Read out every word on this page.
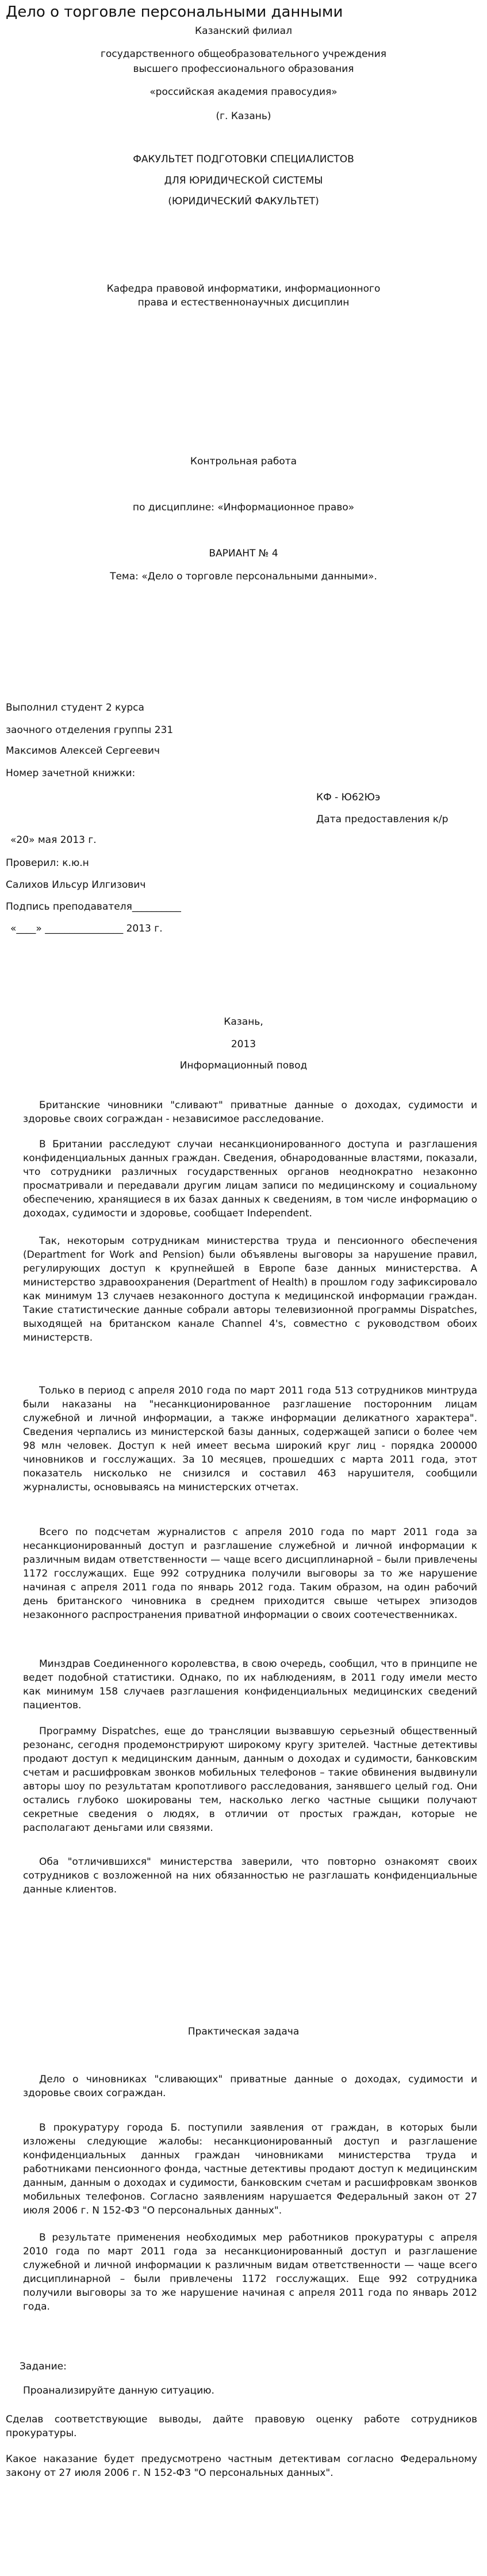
Дело о торговле персональными данными
Казанский филиал
государственного общеобразовательного учреждения
высшего профессионального образования
«российская академия правосудия»
(г. Казань)
ФАКУЛЬТЕТ ПОДГОТОВКИ СПЕЦИАЛИСТОВ
ДЛЯ ЮРИДИЧЕСКОЙ СИСТЕМЫ
(ЮРИДИЧЕСКИЙ ФАКУЛЬТЕТ)
Кафедра правовой информатики, информационного
права и естественнонаучных дисциплин
Контрольная работа
по дисциплине: «Информационное право»
ВАРИАНТ № 4
Тема: «Дело о торговле персональными данными».
Выполнил студент 2 курса
заочного отделения группы 231
Максимов Алексей Сергеевич
Номер зачетной книжки:
КФ - Ю62Юэ
Дата предоставления к/р
«20» мая 2013 г.
Проверил: к.ю.н
Салихов Ильсур Илгизович
Подпись преподавателя__________
«____» ________________ 2013 г.
Казань,
2013
Информационный повод

Британские чиновники "сливают" приватные данные о доходах, судимости и здоровье своих сограждан - независимое расследование.

В Британии расследуют случаи несанкционированного доступа и разглашения конфиденциальных данных граждан. Сведения, обнародованные властями, показали, что сотрудники различных государственных органов неоднократно незаконно просматривали и передавали другим лицам записи по медицинскому и социальному обеспечению, хранящиеся в их базах данных к сведениям, в том числе информацию о доходах, судимости и здоровье, сообщает Independent.

Так, некоторым сотрудникам министерства труда и пенсионного обеспечения (Department for Work and Pension) были объявлены выговоры за нарушение правил, регулирующих доступ к крупнейшей в Европе базе данных министерства. А министерство здравоохранения (Department of Health) в прошлом году зафиксировало как минимум 13 случаев незаконного доступа к медицинской информации граждан. Такие статистические данные собрали авторы телевизионной программы Dispatches, выходящей на британском канале Channel 4's, совместно с руководством обоих министерств.

Только в период с апреля 2010 года по март 2011 года 513 сотрудников минтруда были наказаны на "несанкционированное разглашение посторонним лицам служебной и личной информации, а также информации деликатного характера". Сведения черпались из министерской базы данных, содержащей записи о более чем 98 млн человек. Доступ к ней имеет весьма широкий круг лиц - порядка 200000 чиновников и госслужащих. За 10 месяцев, прошедших с марта 2011 года, этот показатель нисколько не снизился и составил 463 нарушителя, сообщили журналисты, основываясь на министерских отчетах.

Всего по подсчетам журналистов с апреля 2010 года по март 2011 года за несанкционированный доступ и разглашение служебной и личной информации к различным видам ответственности — чаще всего дисциплинарной – были привлечены 1172 госслужащих. Еще 992 сотрудника получили выговоры за то же нарушение начиная с апреля 2011 года по январь 2012 года. Таким образом, на один рабочий день британского чиновника в среднем приходится свыше четырех эпизодов незаконного распространения приватной информации о своих соотечественниках.

Минздрав Соединенного королевства, в свою очередь, сообщил, что в принципе не ведет подобной статистики. Однако, по их наблюдениям, в 2011 году имели место как минимум 158 случаев разглашения конфиденциальных медицинских сведений пациентов.

Программу Dispatches, еще до трансляции вызвавшую серьезный общественный резонанс, сегодня продемонстрируют широкому кругу зрителей. Частные детективы продают доступ к медицинским данным, данным о доходах и судимости, банковским счетам и расшифровкам звонков мобильных телефонов – такие обвинения выдвинули авторы шоу по результатам кропотливого расследования, занявшего целый год. Они остались глубоко шокированы тем, насколько легко частные сыщики получают секретные сведения о людях, в отличии от простых граждан, которые не располагают деньгами или связями.

Оба "отличившихся" министерства заверили, что повторно ознакомят своих сотрудников с возложенной на них обязанностью не разглашать конфиденциальные данные клиентов.

Практическая задача

Дело о чиновниках "сливающих" приватные данные о доходах, судимости и здоровье своих сограждан.

В прокуратуру города Б. поступили заявления от граждан, в которых были изложены следующие жалобы: несанкционированный доступ и разглашение конфиденциальных данных граждан чиновниками министерства труда и работниками пенсионного фонда, частные детективы продают доступ к медицинским данным, данным о доходах и судимости, банковским счетам и расшифровкам звонков мобильных телефонов. Согласно заявлениям нарушается Федеральный закон от 27 июля 2006 г. N 152-ФЗ "О персональных данных".

В результате применения необходимых мер работников прокуратуры с апреля 2010 года по март 2011 года за несанкционированный доступ и разглашение служебной и личной информации к различным видам ответственности — чаще всего дисциплинарной – были привлечены 1172 госслужащих. Еще 992 сотрудника получили выговоры за то же нарушение начиная с апреля 2011 года по январь 2012 года.

Задание:
Проанализируйте данную ситуацию.

Сделав соответствующие выводы, дайте правовую оценку работе сотрудников прокуратуры.

Какое наказание будет предусмотрено частным детективам согласно Федеральному закону от 27 июля 2006 г. N 152-ФЗ "О персональных данных".
